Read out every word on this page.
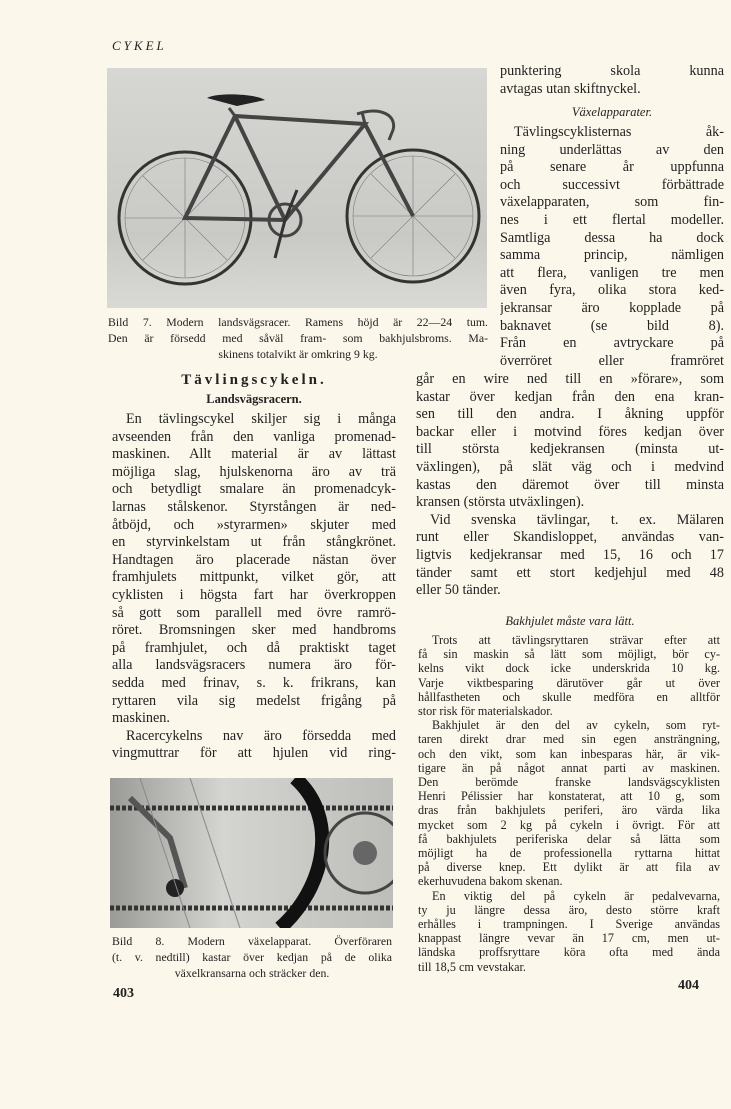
CYKEL
Bild 7. Modern landsvägsracer. Ramens höjd är 22—24 tum.
Den är försedd med såväl fram- som bakhjulsbroms. Ma-
skinens totalvikt är omkring 9 kg.
Tävlingscykeln.
Landsvägsracern.
En tävlingscykel skiljer sig i många
avseenden från den vanliga promenad-
maskinen. Allt material är av lättast
möjliga slag, hjulskenorna äro av trä
och betydligt smalare än promenadcyk-
larnas stålskenor. Styrstången är ned-
åtböjd, och »styrarmen» skjuter med
en styrvinkelstam ut från stångkrönet.
Handtagen äro placerade nästan över
framhjulets mittpunkt, vilket gör, att
cyklisten i högsta fart har överkroppen
så gott som parallell med övre ramrö-
röret. Bromsningen sker med handbroms
på framhjulet, och då praktiskt taget
alla landsvägsracers numera äro för-
sedda med frinav, s. k. frikrans, kan
ryttaren vila sig medelst frigång på
maskinen.
Racercykelns nav äro försedda med
vingmuttrar för att hjulen vid ring-
Bild 8. Modern växelapparat. Överföraren
(t. v. nedtill) kastar över kedjan på de olika
växelkransarna och sträcker den.
403
punktering skola kunna
avtagas utan skiftnyckel.
Växelapparater.
Tävlingscyklisternas åk-
ning underlättas av den
på senare år uppfunna
och successivt förbättrade
växelapparaten, som fin-
nes i ett flertal modeller.
Samtliga dessa ha dock
samma princip, nämligen
att flera, vanligen tre men
även fyra, olika stora ked-
jekransar äro kopplade på
baknavet (se bild 8).
Från en avtryckare på
överröret eller framröret
går en wire ned till en »förare», som
kastar över kedjan från den ena kran-
sen till den andra. I åkning uppför
backar eller i motvind föres kedjan över
till största kedjekransen (minsta ut-
växlingen), på slät väg och i medvind
kastas den däremot över till minsta
kransen (största utväxlingen).
Vid svenska tävlingar, t. ex. Mälaren
runt eller Skandisloppet, användas van-
ligtvis kedjekransar med 15, 16 och 17
tänder samt ett stort kedjehjul med 48
eller 50 tänder.
Bakhjulet måste vara lätt.
Trots att tävlingsryttaren strävar efter att
få sin maskin så lätt som möjligt, bör cy-
kelns vikt dock icke underskrida 10 kg.
Varje viktbesparing därutöver går ut över
hållfastheten och skulle medföra en alltför
stor risk för materialskador.
Bakhjulet är den del av cykeln, som ryt-
taren direkt drar med sin egen ansträngning,
och den vikt, som kan inbesparas här, är vik-
tigare än på något annat parti av maskinen.
Den berömde franske landsvägscyklisten
Henri Pélissier har konstaterat, att 10 g, som
dras från bakhjulets periferi, äro värda lika
mycket som 2 kg på cykeln i övrigt. För att
få bakhjulets periferiska delar så lätta som
möjligt ha de professionella ryttarna hittat
på diverse knep. Ett dylikt är att fila av
ekerhuvudena bakom skenan.
En viktig del på cykeln är pedalvevarna,
ty ju längre dessa äro, desto större kraft
erhålles i trampningen. I Sverige användas
knappast längre vevar än 17 cm, men ut-
ländska proffsryttare köra ofta med ända
till 18,5 cm vevstakar.
404
